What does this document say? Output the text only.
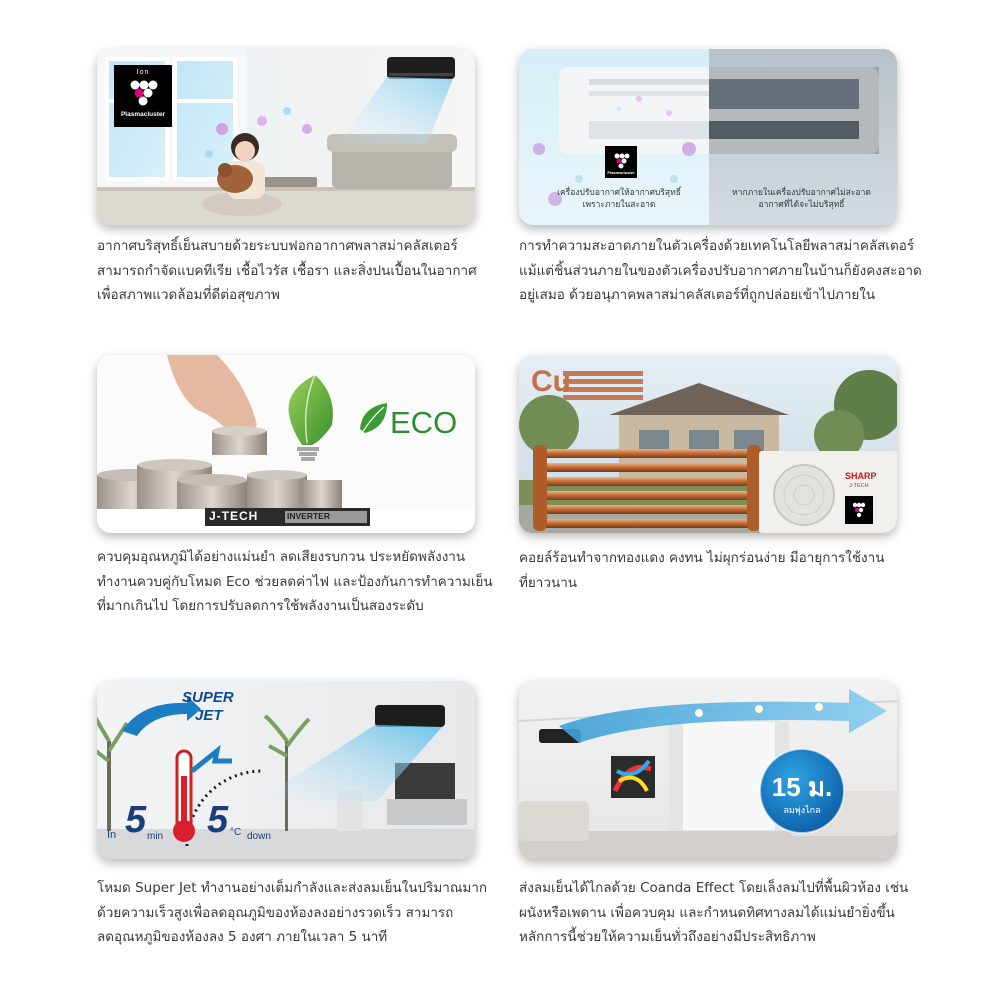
Ion
Plasmacluster

อากาศบริสุทธิ์เย็นสบายด้วยระบบฟอกอากาศพลาสม่าคลัสเตอร์
สามารถกำจัดแบคทีเรีย เชื้อไวรัส เชื้อรา และสิ่งปนเปื้อนในอากาศ
เพื่อสภาพแวดล้อมที่ดีต่อสุขภาพ

Plasmacluster
เครื่องปรับอากาศให้อากาศบริสุทธิ์
เพราะภายในสะอาด
หากภายในเครื่องปรับอากาศไม่สะอาด
อากาศที่ได้จะไม่บริสุทธิ์

การทำความสะอาดภายในตัวเครื่องด้วยเทคโนโลยีพลาสม่าคลัสเตอร์
แม้แต่ชิ้นส่วนภายในของตัวเครื่องปรับอากาศภายในบ้านก็ยังคงสะอาด
อยู่เสมอ ด้วยอนุภาคพลาสม่าคลัสเตอร์ที่ถูกปล่อยเข้าไปภายใน

ECO
J-TECH	INVERTER

ควบคุมอุณหภูมิได้อย่างแม่นยำ ลดเสียงรบกวน ประหยัดพลังงาน
ทำงานควบคู่กับโหมด Eco ช่วยลดค่าไฟ และป้องกันการทำความเย็น
ที่มากเกินไป โดยการปรับลดการใช้พลังงานเป็นสองระดับ

Cu
SHARP
J-TECH

คอยล์ร้อนทำจากทองแดง คงทน ไม่ผุกร่อนง่าย มีอายุการใช้งาน
ที่ยาวนาน

SUPER
JET
In 5 min 5 °C down

โหมด Super Jet ทำงานอย่างเต็มกำลังและส่งลมเย็นในปริมาณมาก
ด้วยความเร็วสูงเพื่อลดอุณภูมิของห้องลงอย่างรวดเร็ว สามารถ
ลดอุณหภูมิของห้องลง 5 องศา ภายในเวลา 5 นาที

15 ม.
ลมพุ่งไกล

ส่งลมเย็นได้ไกลด้วย Coanda Effect โดยเล็งลมไปที่พื้นผิวห้อง เช่น
ผนังหรือเพดาน เพื่อควบคุม และกำหนดทิศทางลมได้แม่นยำยิ่งขึ้น
หลักการนี้ช่วยให้ความเย็นทั่วถึงอย่างมีประสิทธิภาพ
